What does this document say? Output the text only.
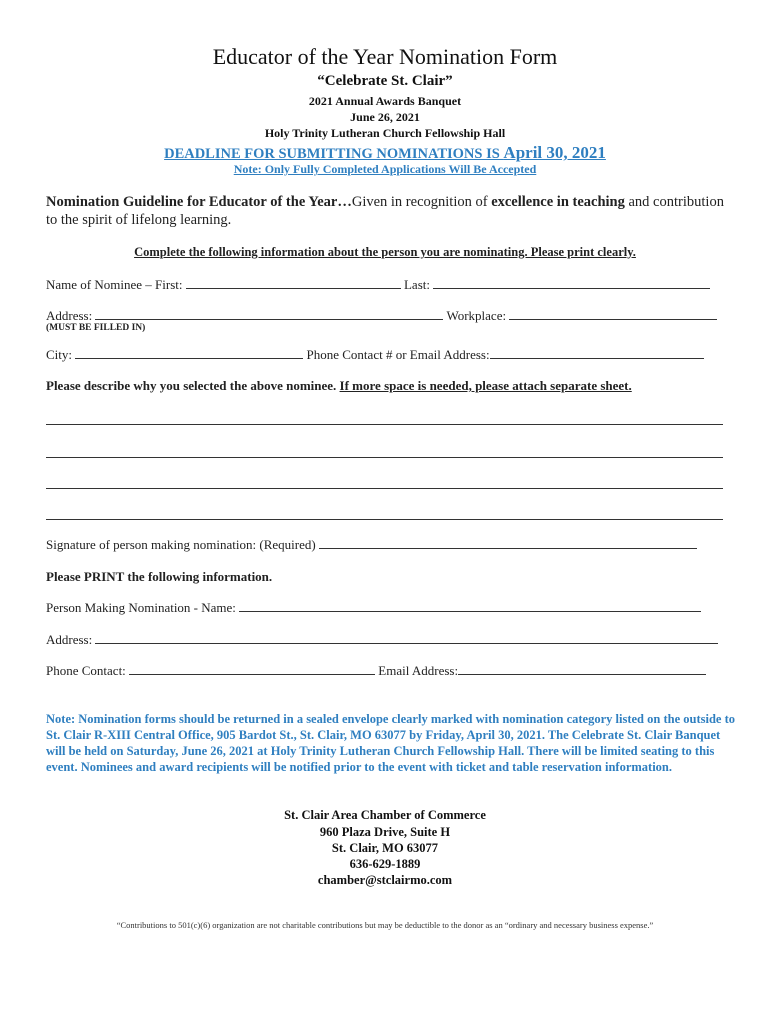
Educator of the Year Nomination Form
“Celebrate St. Clair”
2021 Annual Awards Banquet
June 26, 2021
Holy Trinity Lutheran Church Fellowship Hall
DEADLINE FOR SUBMITTING NOMINATIONS IS April 30, 2021
Note: Only Fully Completed Applications Will Be Accepted
Nomination Guideline for Educator of the Year…Given in recognition of excellence in teaching and contribution to the spirit of lifelong learning.
Complete the following information about the person you are nominating. Please print clearly.
Name of Nominee – First:	Last:
Address:	Workplace:
(MUST BE FILLED IN)
City:	Phone Contact # or Email Address:
Please describe why you selected the above nominee. If more space is needed, please attach separate sheet.
Signature of person making nomination: (Required)
Please PRINT the following information.
Person Making Nomination - Name:
Address:
Phone Contact:	Email Address:
Note: Nomination forms should be returned in a sealed envelope clearly marked with nomination category listed on the outside to St. Clair R-XIII Central Office, 905 Bardot St., St. Clair, MO 63077 by Friday, April 30, 2021. The Celebrate St. Clair Banquet will be held on Saturday, June 26, 2021 at Holy Trinity Lutheran Church Fellowship Hall. There will be limited seating to this event. Nominees and award recipients will be notified prior to the event with ticket and table reservation information.
St. Clair Area Chamber of Commerce
960 Plaza Drive, Suite H
St. Clair, MO 63077
636-629-1889
chamber@stclairmo.com
“Contributions to 501(c)(6) organization are not charitable contributions but may be deductible to the donor as an “ordinary and necessary business expense.”
